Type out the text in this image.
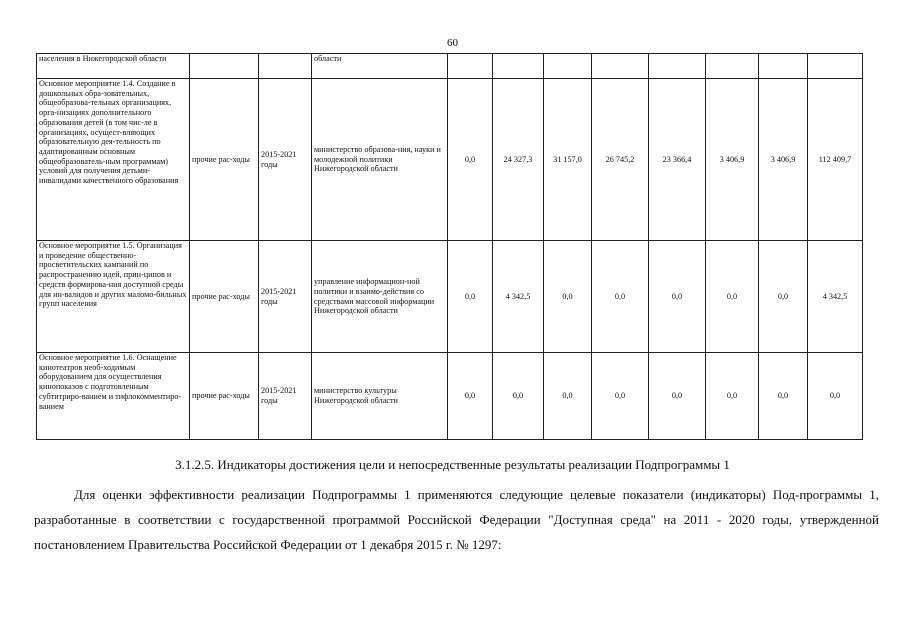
60
населения в Нижегородской области			области								
Основное мероприятие 1.4. Создание в дошкольных обра-зовательных, общеобразова-тельных организациях, орга-низациях дополнительного образования детей (в том чис-ле в организациях, осущест-вляющих образовательную дея-тельность по адаптированным основным общеобразователь-ным программам) условий для получения детьми-инвалидами качественного образования	прочие рас-ходы	2015-2021 годы	министерство образова-ния, науки и молодежной политики Нижегородской области	0,0	24 327,3	31 157,0	26 745,2	23 366,4	3 406,9	3 406,9	112 409,7
Основное мероприятие 1.5. Организация и проведение общественно-просветительских кампаний по распространению идей, прин-ципов и средств формирова-ния доступной среды для ин-валидов и других маломо-бильных групп населения	прочие рас-ходы	2015-2021 годы	управление информацион-ной политики и взаимо-действия со средствами массовой информации Нижегородской области	0,0	4 342,5	0,0	0,0	0,0	0,0	0,0	4 342,5
Основное мероприятие 1.6. Оснащение кинотеатров необ-ходимым оборудованием для осуществления кинопоказов с подготовленным субтитриро-ванием и тифлокомментиро-ванием	прочие рас-ходы	2015-2021 годы	министерство культуры Нижегородской области	0,0	0,0	0,0	0,0	0,0	0,0	0,0	0,0
3.1.2.5. Индикаторы достижения цели и непосредственные результаты реализации Подпрограммы 1

Для оценки эффективности реализации Подпрограммы 1 применяются следующие целевые показатели (индикаторы) Под-программы 1, разработанные в соответствии с государственной программой Российской Федерации "Доступная среда" на 2011 - 2020 годы, утвержденной постановлением Правительства Российской Федерации от 1 декабря 2015 г. № 1297:
